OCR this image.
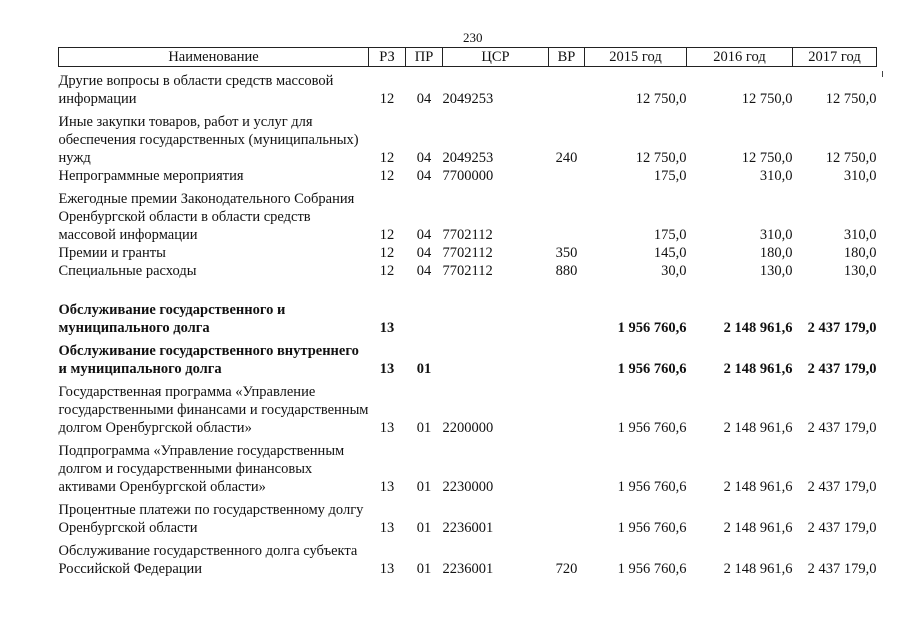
230
Наименование	РЗ	ПР	ЦСР	ВР	2015 год	2016 год	2017 год
Другие вопросы в области средств массовой информации	12	04	2049253		12 750,0	12 750,0	12 750,0
Иные закупки товаров, работ и услуг для обеспечения государственных (муниципальных) нужд	12	04	2049253	240	12 750,0	12 750,0	12 750,0
Непрограммные мероприятия	12	04	7700000		175,0	310,0	310,0
Ежегодные премии Законодательного Собрания Оренбургской области в области средств массовой информации	12	04	7702112		175,0	310,0	310,0
Премии и гранты	12	04	7702112	350	145,0	180,0	180,0
Специальные расходы	12	04	7702112	880	30,0	130,0	130,0

Обслуживание государственного и муниципального долга	13				1 956 760,6	2 148 961,6	2 437 179,0
Обслуживание государственного внутреннего и муниципального долга	13	01			1 956 760,6	2 148 961,6	2 437 179,0
Государственная программа «Управление государственными финансами и государственным долгом Оренбургской области»	13	01	2200000		1 956 760,6	2 148 961,6	2 437 179,0
Подпрограмма «Управление государственным долгом и государственными финансовых активами Оренбургской области»	13	01	2230000		1 956 760,6	2 148 961,6	2 437 179,0
Процентные платежи по государственному долгу Оренбургской области	13	01	2236001		1 956 760,6	2 148 961,6	2 437 179,0
Обслуживание государственного долга субъекта Российской Федерации	13	01	2236001	720	1 956 760,6	2 148 961,6	2 437 179,0
